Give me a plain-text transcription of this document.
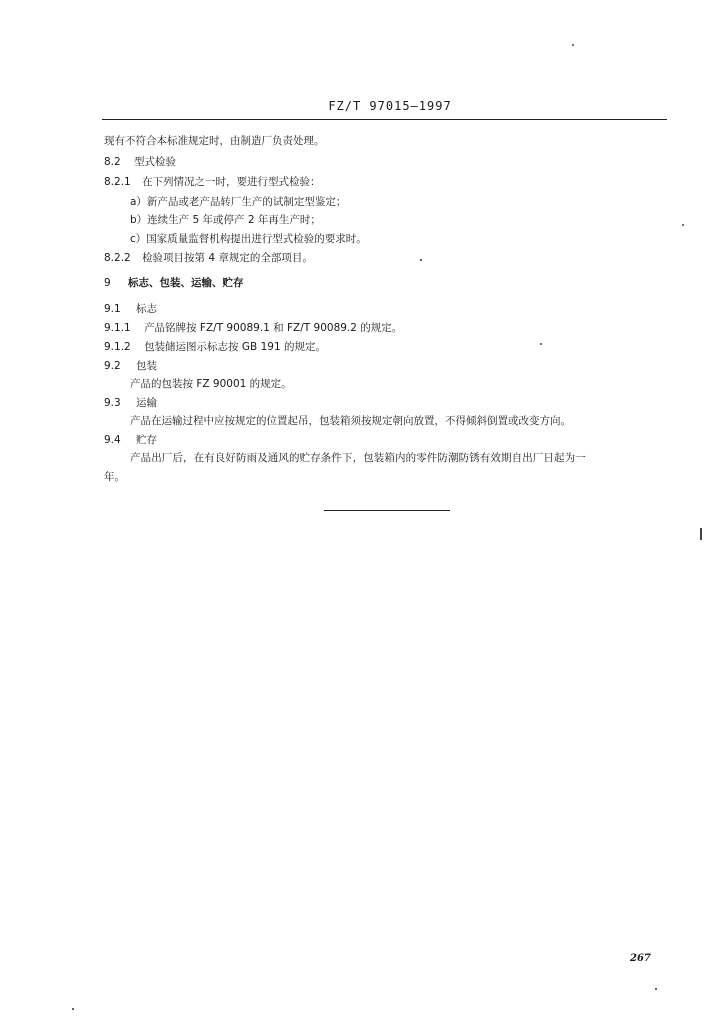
FZ/T 97015—1997
现有不符合本标准规定时，由制造厂负责处理。
8.2 型式检验
8.2.1 在下列情况之一时，要进行型式检验：
a）新产品或老产品转厂生产的试制定型鉴定；
b）连续生产 5 年或停产 2 年再生产时；
c）国家质量监督机构提出进行型式检验的要求时。
8.2.2 检验项目按第 4 章规定的全部项目。
9 标志、包装、运输、贮存
9.1 标志
9.1.1 产品铭牌按 FZ/T 90089.1 和 FZ/T 90089.2 的规定。
9.1.2 包装储运图示标志按 GB 191 的规定。
9.2 包装
产品的包装按 FZ 90001 的规定。
9.3 运输
产品在运输过程中应按规定的位置起吊，包装箱须按规定朝向放置，不得倾斜倒置或改变方向。
9.4 贮存
产品出厂后，在有良好防雨及通风的贮存条件下，包装箱内的零件防潮防锈有效期自出厂日起为一
年。
267
